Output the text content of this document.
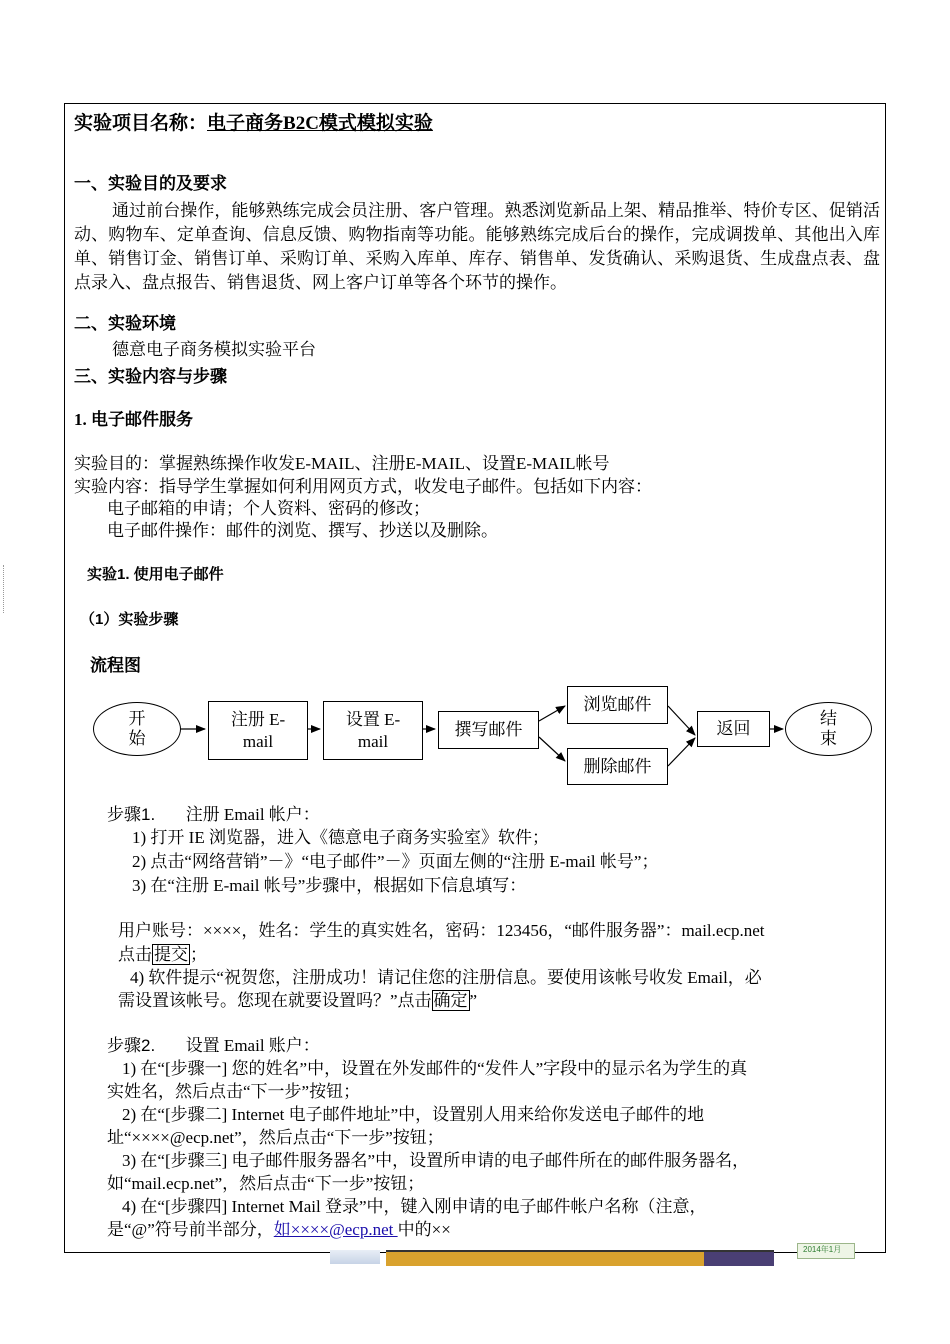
实验项目名称：电子商务B2C模式模拟实验
一、实验目的及要求
通过前台操作，能够熟练完成会员注册、客户管理。熟悉浏览新品上架、精品推举、特价专区、促销活动、购物车、定单查询、信息反馈、购物指南等功能。能够熟练完成后台的操作，完成调拨单、其他出入库单、销售订金、销售订单、采购订单、采购入库单、库存、销售单、发货确认、采购退货、生成盘点表、盘点录入、盘点报告、销售退货、网上客户订单等各个环节的操作。
二、实验环境
德意电子商务模拟实验平台
三、实验内容与步骤
1. 电子邮件服务
实验目的：掌握熟练操作收发E-MAIL、注册E-MAIL、设置E-MAIL帐号
实验内容：指导学生掌握如何利用网页方式，收发电子邮件。包括如下内容：
电子邮箱的申请；个人资料、密码的修改；
电子邮件操作：邮件的浏览、撰写、抄送以及删除。
实验1. 使用电子邮件
（1）实验步骤
流程图
开
始
注册 E-
mail
设置 E-
mail
撰写邮件
浏览邮件
删除邮件
返回
结
束
步骤1. 注册 Email 帐户：
1) 打开 IE 浏览器，进入《德意电子商务实验室》软件；
2) 点击“网络营销”－》“电子邮件”－》页面左侧的“注册 E-mail 帐号”；
3) 在“注册 E-mail 帐号”步骤中，根据如下信息填写：
用户账号：××××，姓名：学生的真实姓名，密码：123456，“邮件服务器”：mail.ecp.net
点击 提交 ；
4) 软件提示“祝贺您，注册成功！请记住您的注册信息。要使用该帐号收发 Email，必
需设置该帐号。您现在就要设置吗？”点击 确定 ”
步骤2. 设置 Email 账户：
1) 在“[步骤一] 您的姓名”中，设置在外发邮件的“发件人”字段中的显示名为学生的真
实姓名，然后点击“下一步”按钮；
2) 在“[步骤二] Internet 电子邮件地址”中，设置别人用来给你发送电子邮件的地
址“××××@ecp.net”，然后点击“下一步”按钮；
3) 在“[步骤三] 电子邮件服务器名”中，设置所申请的电子邮件所在的邮件服务器名，
如“mail.ecp.net”，然后点击“下一步”按钮；
4) 在“[步骤四] Internet Mail 登录”中，键入刚申请的电子邮件帐户名称（注意，
是“@”符号前半部分，如××××@ecp.net 中的××
2014年1月
